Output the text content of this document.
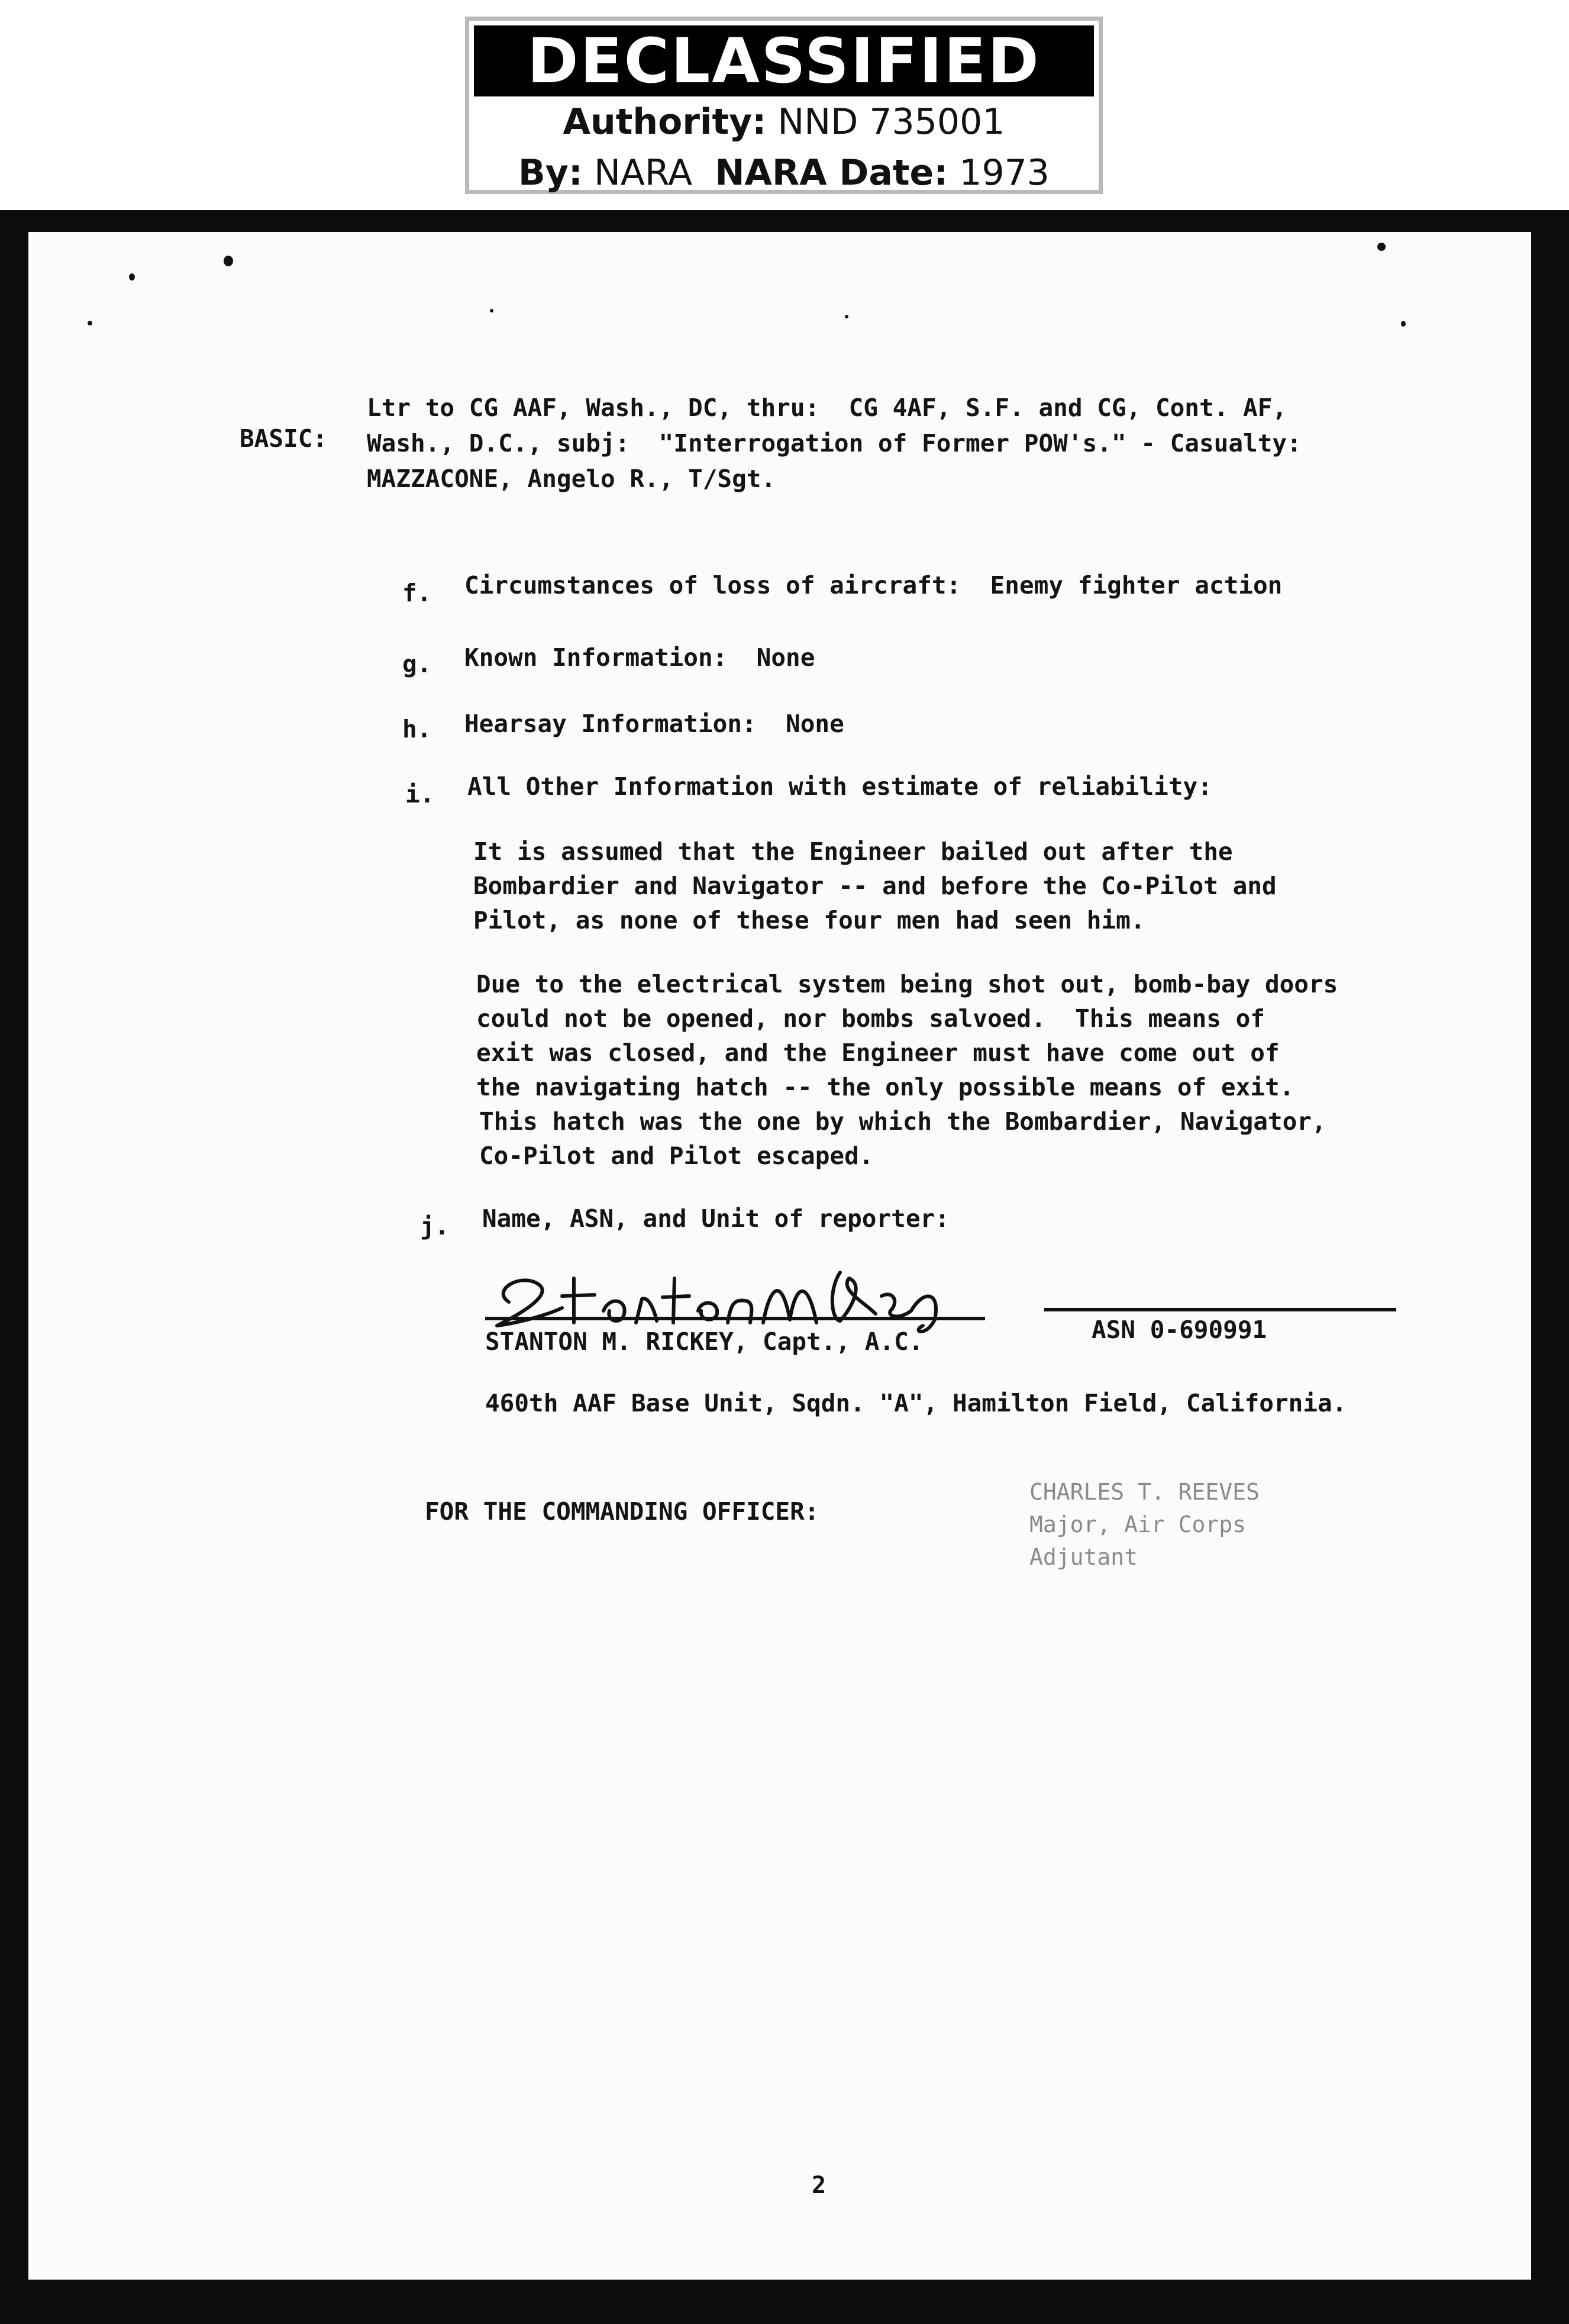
DECLASSIFIED
Authority: NND 735001
By: NARA NARA Date: 1973
BASIC:
Ltr to CG AAF, Wash., DC, thru:  CG 4AF, S.F. and CG, Cont. AF,
Wash., D.C., subj:  "Interrogation of Former POW's." - Casualty:
MAZZACONE, Angelo R., T/Sgt.
f. Circumstances of loss of aircraft:  Enemy fighter action
g. Known Information:  None
h. Hearsay Information:  None
i. All Other Information with estimate of reliability:
It is assumed that the Engineer bailed out after the
Bombardier and Navigator -- and before the Co-Pilot and
Pilot, as none of these four men had seen him.
Due to the electrical system being shot out, bomb-bay doors
could not be opened, nor bombs salvoed.  This means of
exit was closed, and the Engineer must have come out of
the navigating hatch -- the only possible means of exit.
This hatch was the one by which the Bombardier, Navigator,
Co-Pilot and Pilot escaped.
j. Name, ASN, and Unit of reporter:
STANTON M. RICKEY, Capt., A.C.	ASN 0-690991
460th AAF Base Unit, Sqdn. "A", Hamilton Field, California.
FOR THE COMMANDING OFFICER:
CHARLES T. REEVES
Major, Air Corps
Adjutant
2
